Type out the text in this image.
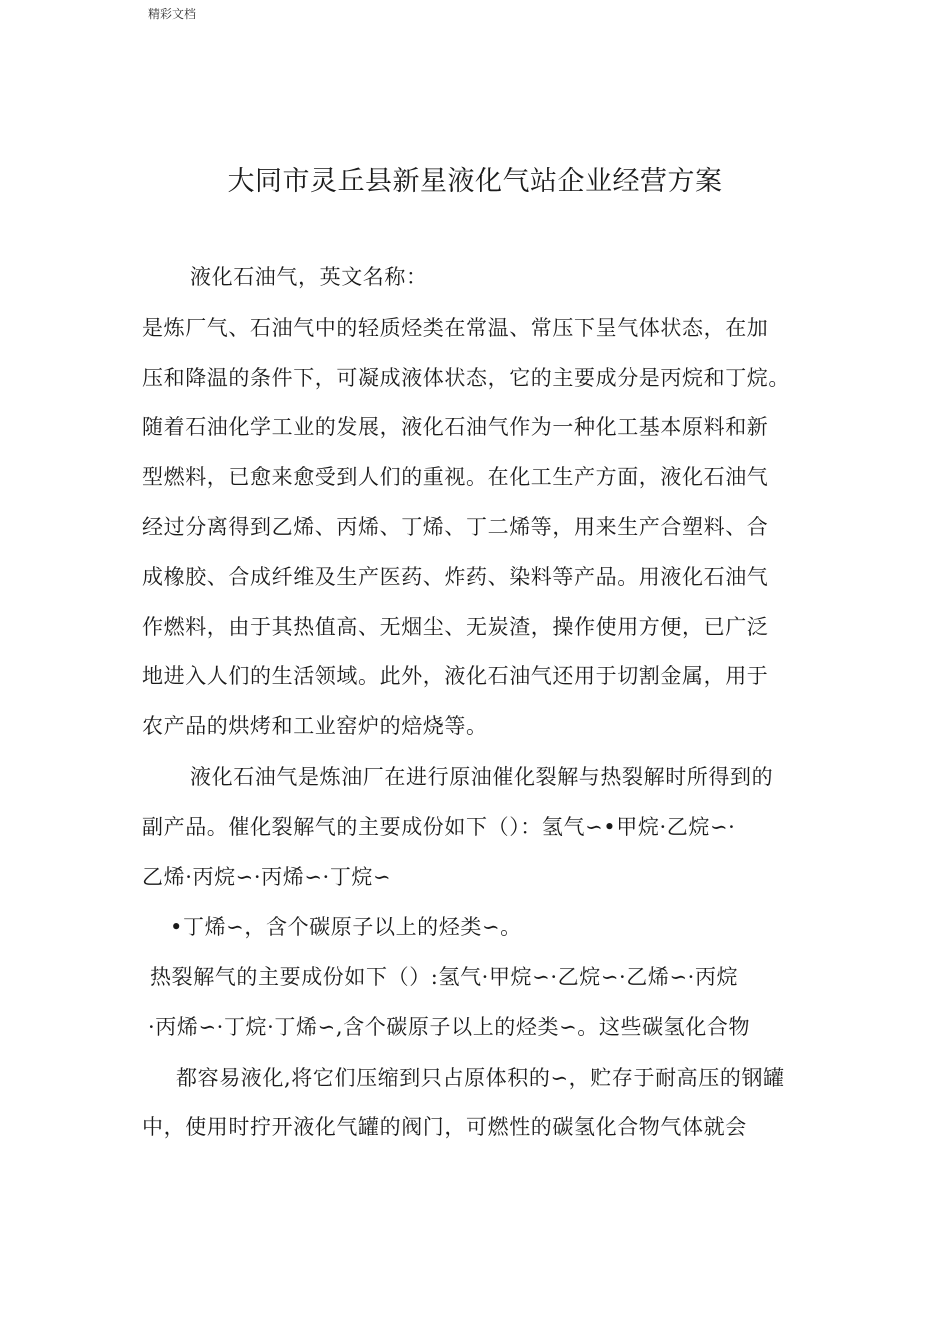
精彩文档
大同市灵丘县新星液化气站企业经营方案
液化石油气，英文名称：
是炼厂气、石油气中的轻质烃类在常温、常压下呈气体状态，在加
压和降温的条件下，可凝成液体状态，它的主要成分是丙烷和丁烷。
随着石油化学工业的发展，液化石油气作为一种化工基本原料和新
型燃料，已愈来愈受到人们的重视。在化工生产方面，液化石油气
经过分离得到乙烯、丙烯、丁烯、丁二烯等，用来生产合塑料、合
成橡胶、合成纤维及生产医药、炸药、染料等产品。用液化石油气
作燃料，由于其热值高、无烟尘、无炭渣，操作使用方便，已广泛
地进入人们的生活领域。此外，液化石油气还用于切割金属，用于
农产品的烘烤和工业窑炉的焙烧等。
液化石油气是炼油厂在进行原油催化裂解与热裂解时所得到的
副产品。催化裂解气的主要成份如下（）：氢气∽•甲烷·乙烷∽·
乙烯·丙烷∽·丙烯∽·丁烷∽
•丁烯∽，含个碳原子以上的烃类∽。
热裂解气的主要成份如下（）:氢气·甲烷∽·乙烷∽·乙烯∽·丙烷
·丙烯∽·丁烷·丁烯∽,含个碳原子以上的烃类∽。这些碳氢化合物
都容易液化,将它们压缩到只占原体积的∽，贮存于耐高压的钢罐
中，使用时拧开液化气罐的阀门，可燃性的碳氢化合物气体就会
